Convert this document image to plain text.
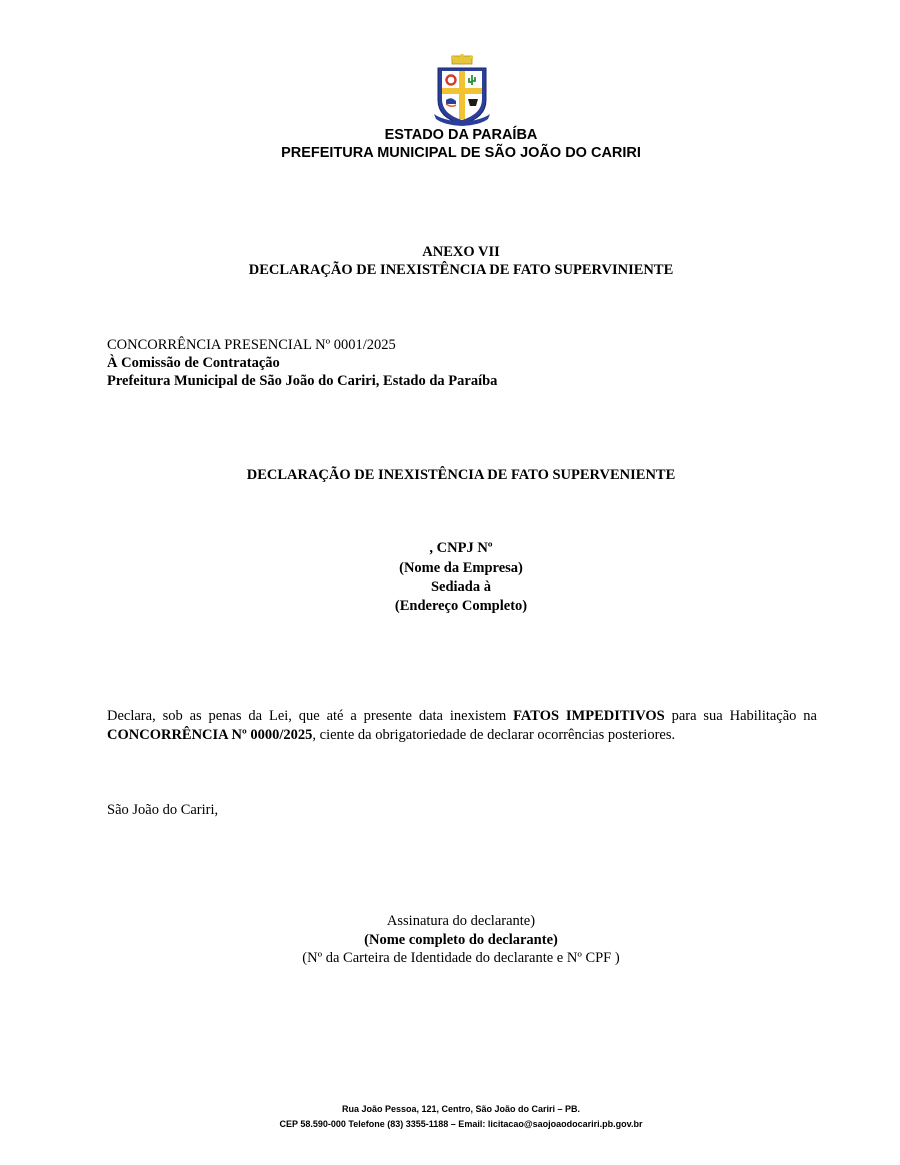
ESTADO DA PARAÍBA
PREFEITURA MUNICIPAL DE SÃO JOÃO DO CARIRI
ANEXO VII
DECLARAÇÃO DE INEXISTÊNCIA DE FATO SUPERVINIENTE
CONCORRÊNCIA PRESENCIAL Nº 0001/2025
À Comissão de Contratação
Prefeitura Municipal de São João do Cariri, Estado da Paraíba
DECLARAÇÃO DE INEXISTÊNCIA DE FATO SUPERVENIENTE
, CNPJ Nº
(Nome da Empresa)
Sediada à
(Endereço Completo)
Declara, sob as penas da Lei, que até a presente data inexistem FATOS IMPEDITIVOS para sua Habilitação na CONCORRÊNCIA Nº 0000/2025, ciente da obrigatoriedade de declarar ocorrências posteriores.
São João do Cariri,
Assinatura do declarante)
(Nome completo do declarante)
(Nº da Carteira de Identidade do declarante e Nº CPF )
Rua João Pessoa, 121, Centro, São João do Cariri – PB.
CEP 58.590-000 Telefone (83) 3355-1188 – Email: licitacao@saojoaodocariri.pb.gov.br
